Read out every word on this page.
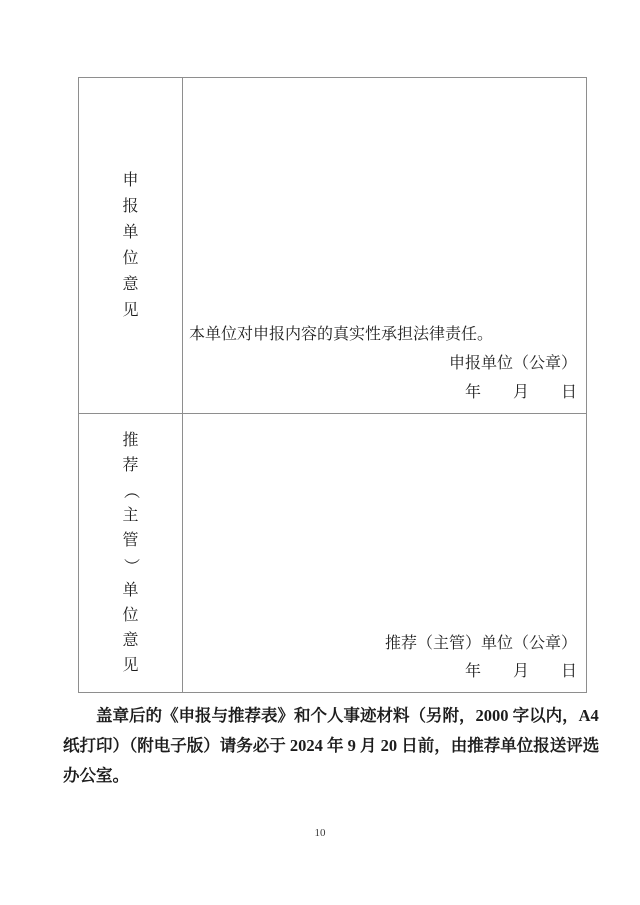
申
报
单
位
意
见
本单位对申报内容的真实性承担法律责任。
申报单位（公章）
年　　月　　日
推
荐
（
主
管
）
单
位
意
见
推荐（主管）单位（公章）
年　　月　　日
盖章后的《申报与推荐表》和个人事迹材料（另附，2000 字以内，A4
纸打印）（附电子版）请务必于 2024 年 9 月 20 日前，由推荐单位报送评选
办公室。
10
